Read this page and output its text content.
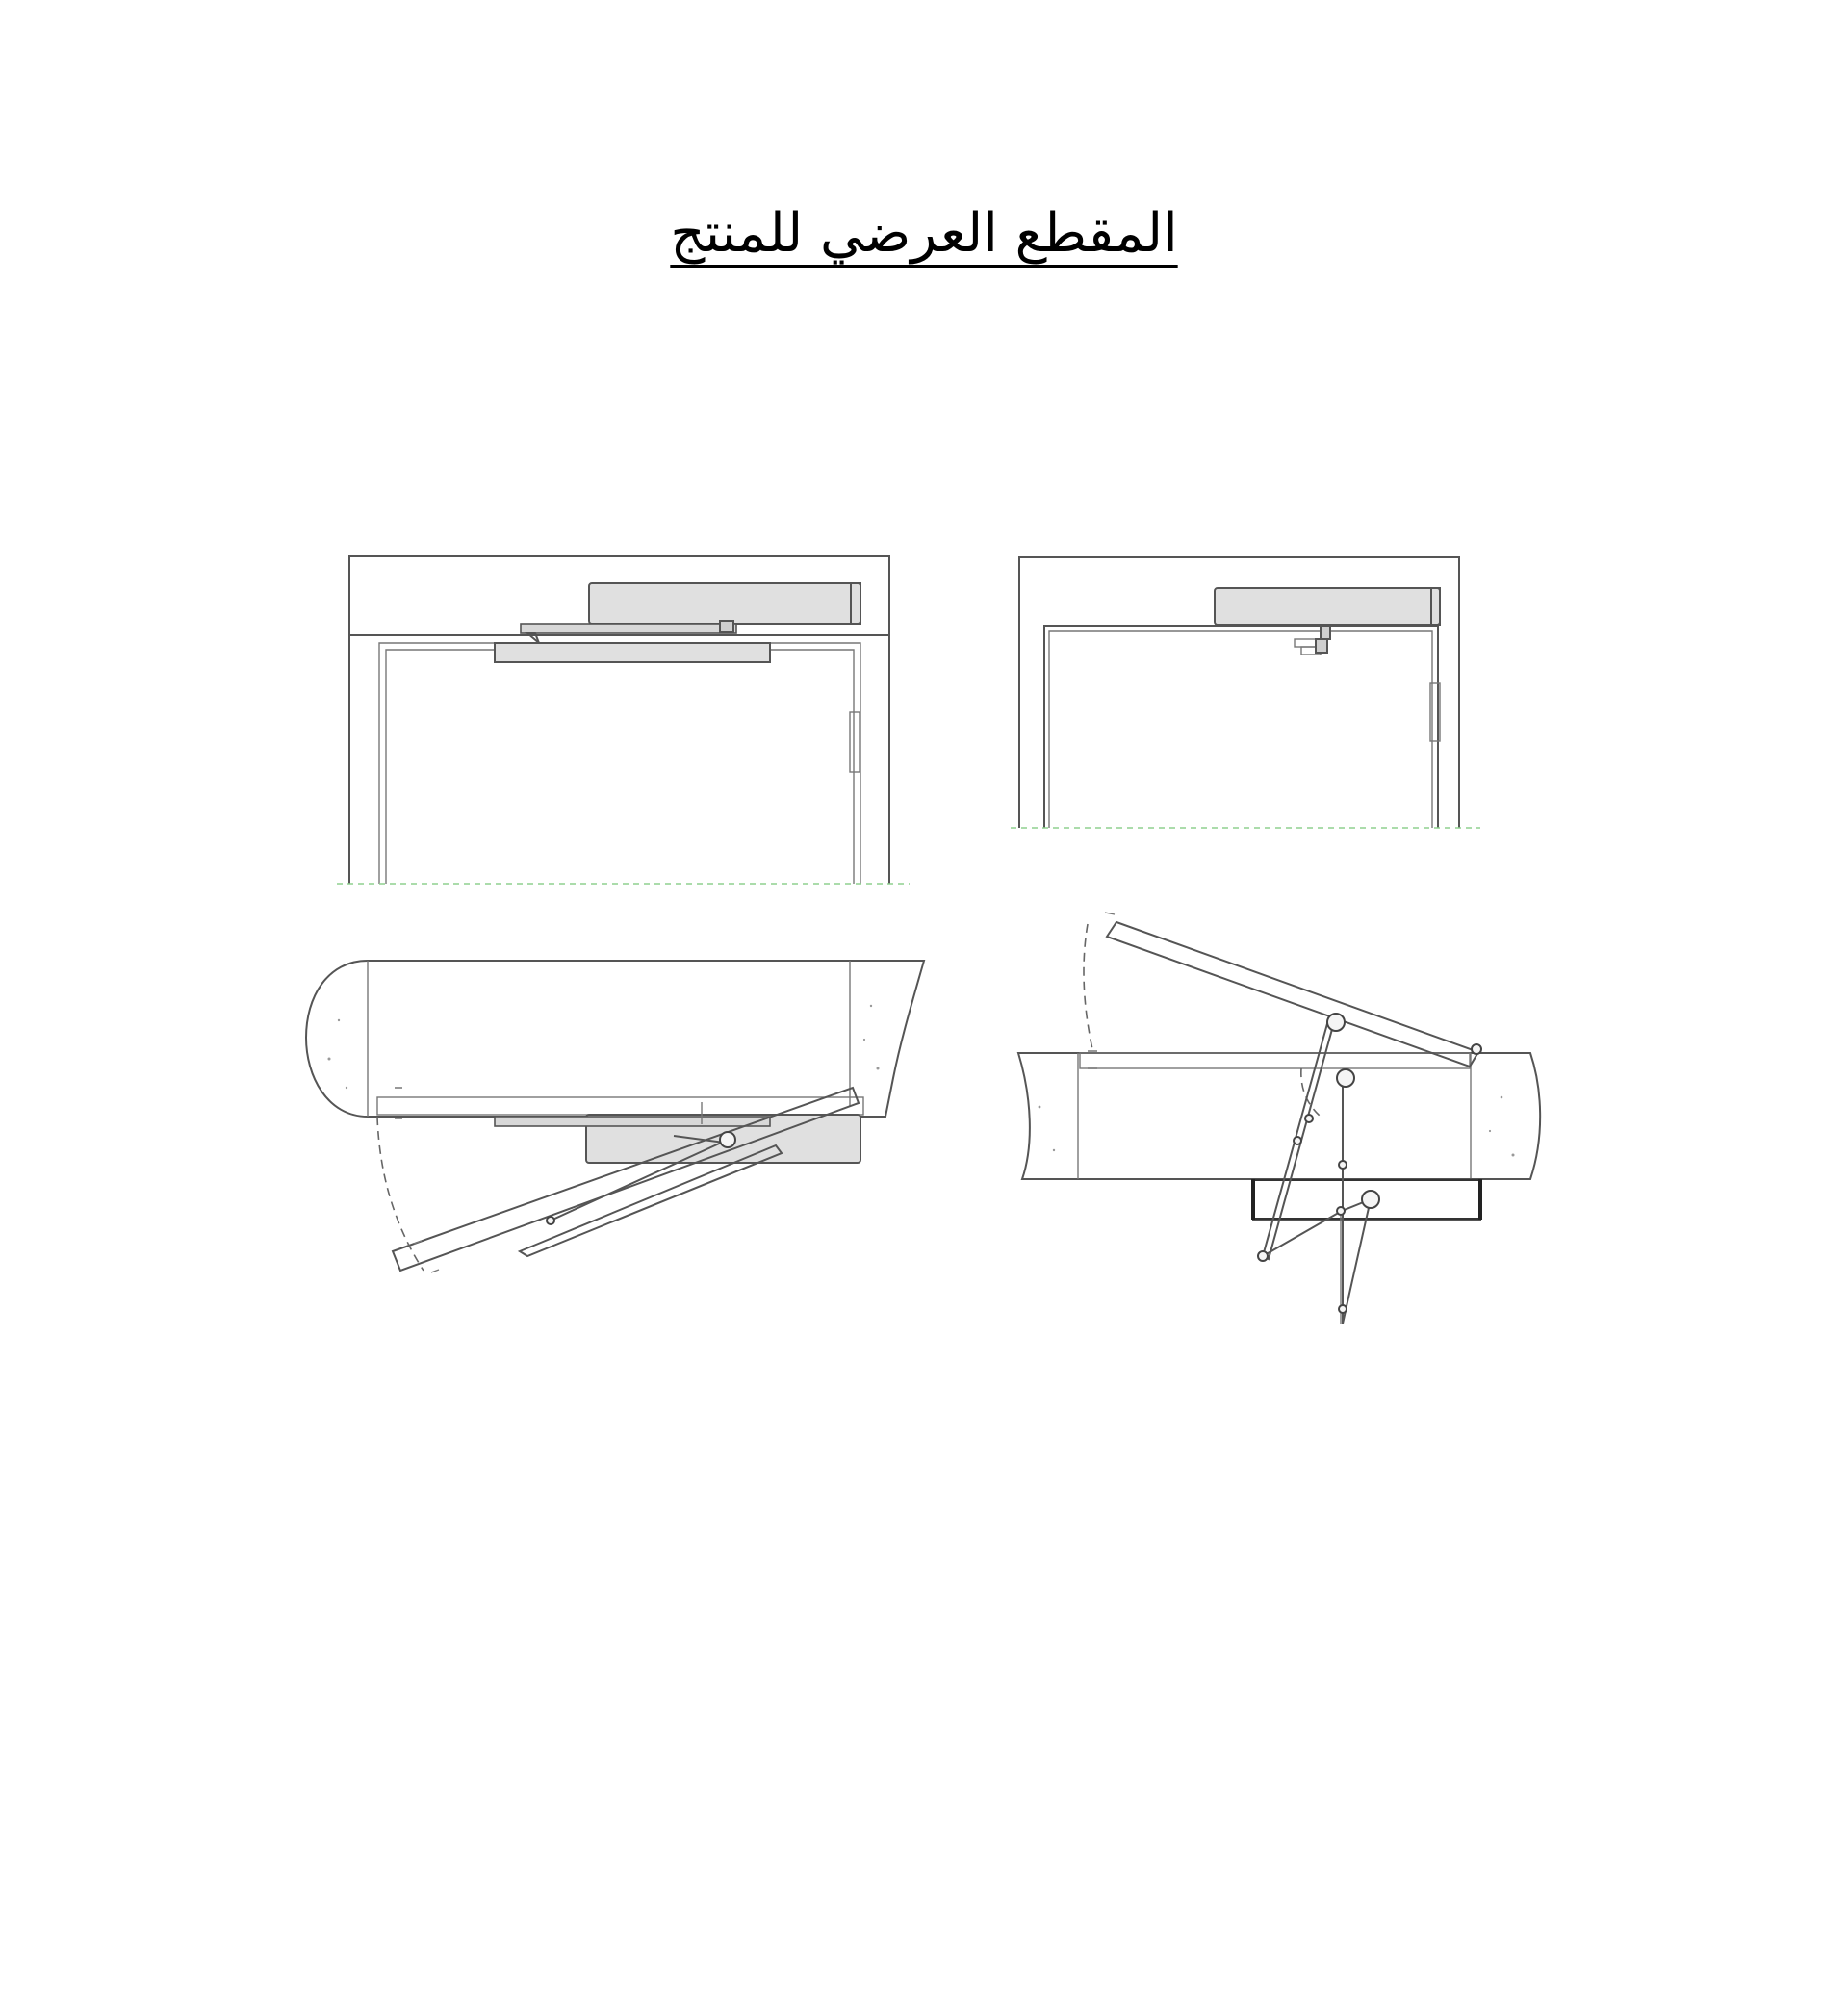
المقطع العرضي للمنتج
